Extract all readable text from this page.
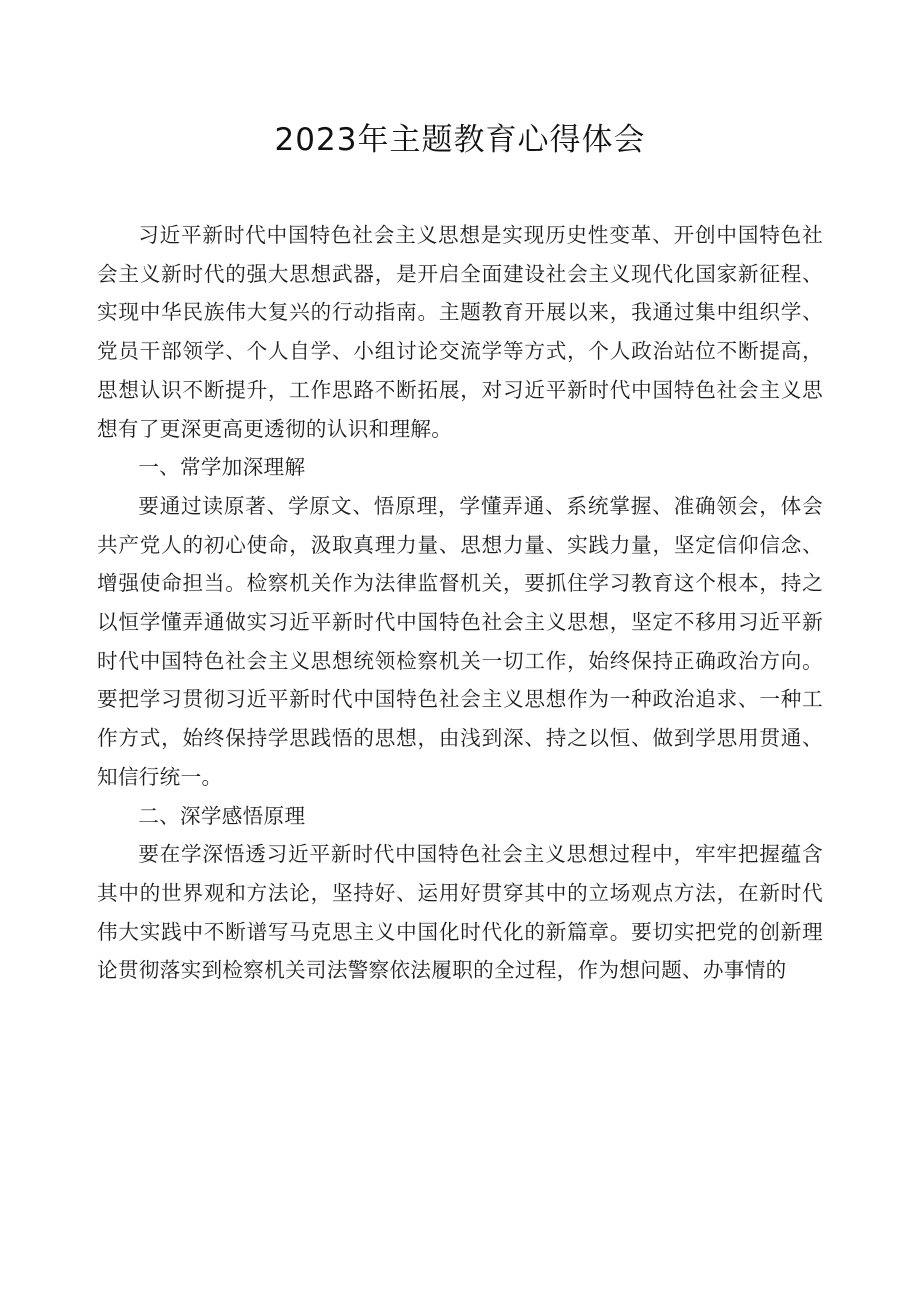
2023年主题教育心得体会

习近平新时代中国特色社会主义思想是实现历史性变革、开创中国特色社会主义新时代的强大思想武器，是开启全面建设社会主义现代化国家新征程、实现中华民族伟大复兴的行动指南。主题教育开展以来，我通过集中组织学、党员干部领学、个人自学、小组讨论交流学等方式，个人政治站位不断提高，思想认识不断提升，工作思路不断拓展，对习近平新时代中国特色社会主义思想有了更深更高更透彻的认识和理解。

一、常学加深理解

要通过读原著、学原文、悟原理，学懂弄通、系统掌握、准确领会，体会共产党人的初心使命，汲取真理力量、思想力量、实践力量，坚定信仰信念、增强使命担当。检察机关作为法律监督机关，要抓住学习教育这个根本，持之以恒学懂弄通做实习近平新时代中国特色社会主义思想，坚定不移用习近平新时代中国特色社会主义思想统领检察机关一切工作，始终保持正确政治方向。要把学习贯彻习近平新时代中国特色社会主义思想作为一种政治追求、一种工作方式，始终保持学思践悟的思想，由浅到深、持之以恒、做到学思用贯通、知信行统一。

二、深学感悟原理

要在学深悟透习近平新时代中国特色社会主义思想过程中，牢牢把握蕴含其中的世界观和方法论，坚持好、运用好贯穿其中的立场观点方法，在新时代伟大实践中不断谱写马克思主义中国化时代化的新篇章。要切实把党的创新理论贯彻落实到检察机关司法警察依法履职的全过程，作为想问题、办事情的
